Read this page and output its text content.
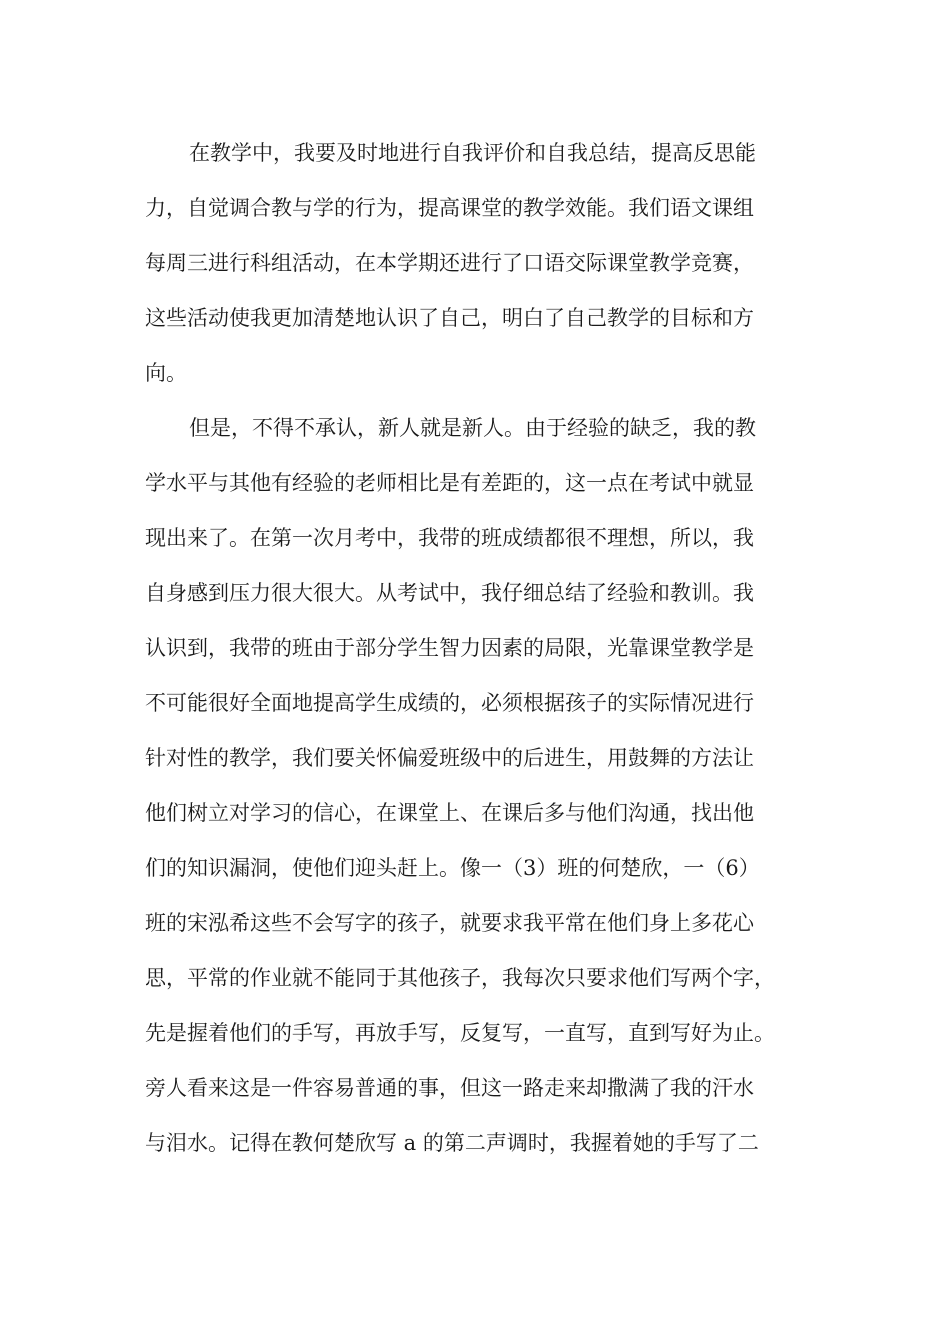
在教学中，我要及时地进行自我评价和自我总结，提高反思能
力，自觉调合教与学的行为，提高课堂的教学效能。我们语文课组
每周三进行科组活动，在本学期还进行了口语交际课堂教学竞赛，
这些活动使我更加清楚地认识了自己，明白了自己教学的目标和方
向。
但是，不得不承认，新人就是新人。由于经验的缺乏，我的教
学水平与其他有经验的老师相比是有差距的，这一点在考试中就显
现出来了。在第一次月考中，我带的班成绩都很不理想，所以，我
自身感到压力很大很大。从考试中，我仔细总结了经验和教训。我
认识到，我带的班由于部分学生智力因素的局限，光靠课堂教学是
不可能很好全面地提高学生成绩的，必须根据孩子的实际情况进行
针对性的教学，我们要关怀偏爱班级中的后进生，用鼓舞的方法让
他们树立对学习的信心，在课堂上、在课后多与他们沟通，找出他
们的知识漏洞，使他们迎头赶上。像一（3）班的何楚欣，一（6）
班的宋泓希这些不会写字的孩子，就要求我平常在他们身上多花心
思，平常的作业就不能同于其他孩子，我每次只要求他们写两个字，
先是握着他们的手写，再放手写，反复写，一直写，直到写好为止。
旁人看来这是一件容易普通的事，但这一路走来却撒满了我的汗水
与泪水。记得在教何楚欣写 a 的第二声调时，我握着她的手写了二
